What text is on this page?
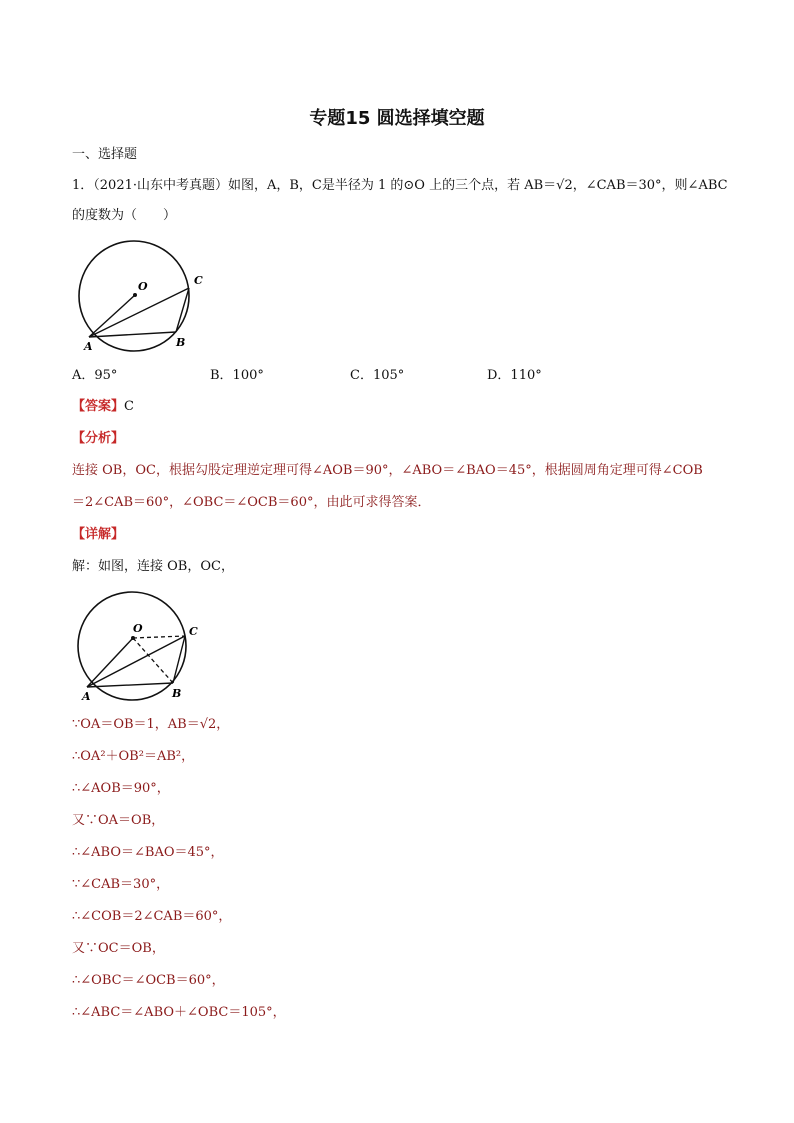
专题15 圆选择填空题
一、选择题
1．（2021·山东中考真题）如图，A，B，C是半径为 1 的⊙O 上的三个点，若 AB＝√2，∠CAB＝30°，则∠ABC
的度数为（　　）
O	C
A	B
A．95°	B．100°	C．105°	D．110°
【答案】C
【分析】
连接 OB，OC，根据勾股定理逆定理可得∠AOB＝90°，∠ABO＝∠BAO＝45°，根据圆周角定理可得∠COB
＝2∠CAB＝60°，∠OBC＝∠OCB＝60°，由此可求得答案．
【详解】
解：如图，连接 OB，OC，
O	C
A	B
∵OA＝OB＝1，AB＝√2，
∴OA²＋OB²＝AB²，
∴∠AOB＝90°，
又∵OA＝OB，
∴∠ABO＝∠BAO＝45°，
∵∠CAB＝30°，
∴∠COB＝2∠CAB＝60°，
又∵OC＝OB，
∴∠OBC＝∠OCB＝60°，
∴∠ABC＝∠ABO＋∠OBC＝105°，
